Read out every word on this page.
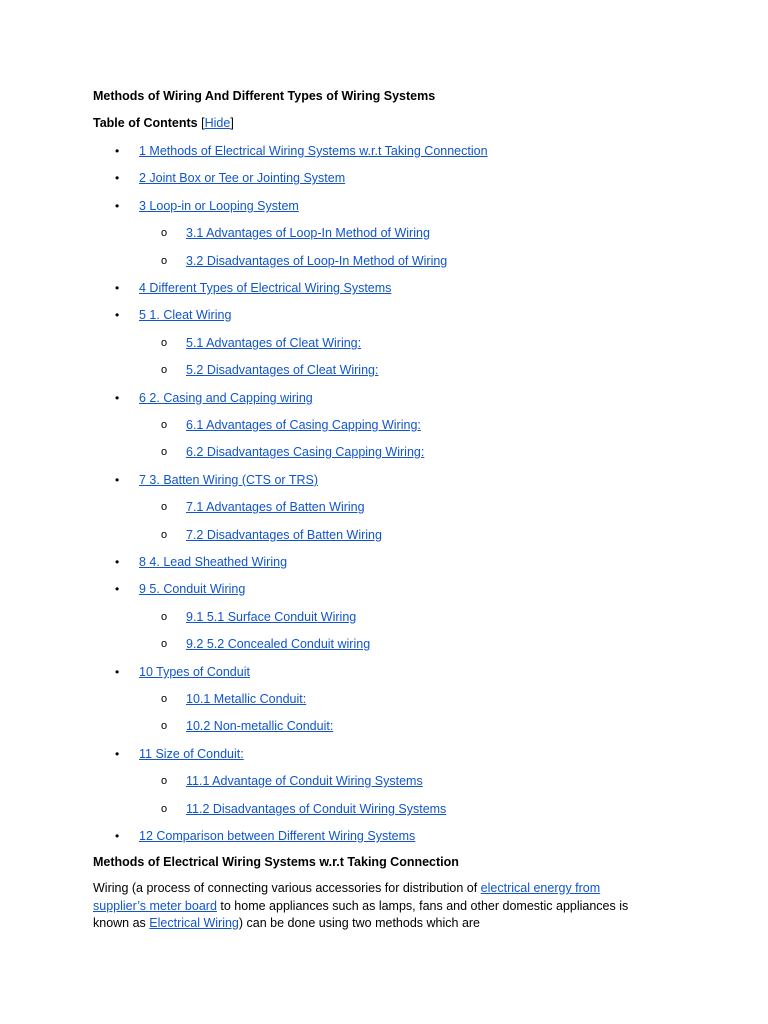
Methods of Wiring And Different Types of Wiring Systems
Table of Contents [Hide]
• 1 Methods of Electrical Wiring Systems w.r.t Taking Connection
• 2 Joint Box or Tee or Jointing System
• 3 Loop-in or Looping System
o 3.1 Advantages of Loop-In Method of Wiring
o 3.2 Disadvantages of Loop-In Method of Wiring
• 4 Different Types of Electrical Wiring Systems
• 5 1. Cleat Wiring
o 5.1 Advantages of Cleat Wiring:
o 5.2 Disadvantages of Cleat Wiring:
• 6 2. Casing and Capping wiring
o 6.1 Advantages of Casing Capping Wiring:
o 6.2 Disadvantages Casing Capping Wiring:
• 7 3. Batten Wiring (CTS or TRS)
o 7.1 Advantages of Batten Wiring
o 7.2 Disadvantages of Batten Wiring
• 8 4. Lead Sheathed Wiring
• 9 5. Conduit Wiring
o 9.1 5.1 Surface Conduit Wiring
o 9.2 5.2 Concealed Conduit wiring
• 10 Types of Conduit
o 10.1 Metallic Conduit:
o 10.2 Non-metallic Conduit:
• 11 Size of Conduit:
o 11.1 Advantage of Conduit Wiring Systems
o 11.2 Disadvantages of Conduit Wiring Systems
• 12 Comparison between Different Wiring Systems
Methods of Electrical Wiring Systems w.r.t Taking Connection
Wiring (a process of connecting various accessories for distribution of electrical energy from supplier’s meter board to home appliances such as lamps, fans and other domestic appliances is known as Electrical Wiring) can be done using two methods which are
